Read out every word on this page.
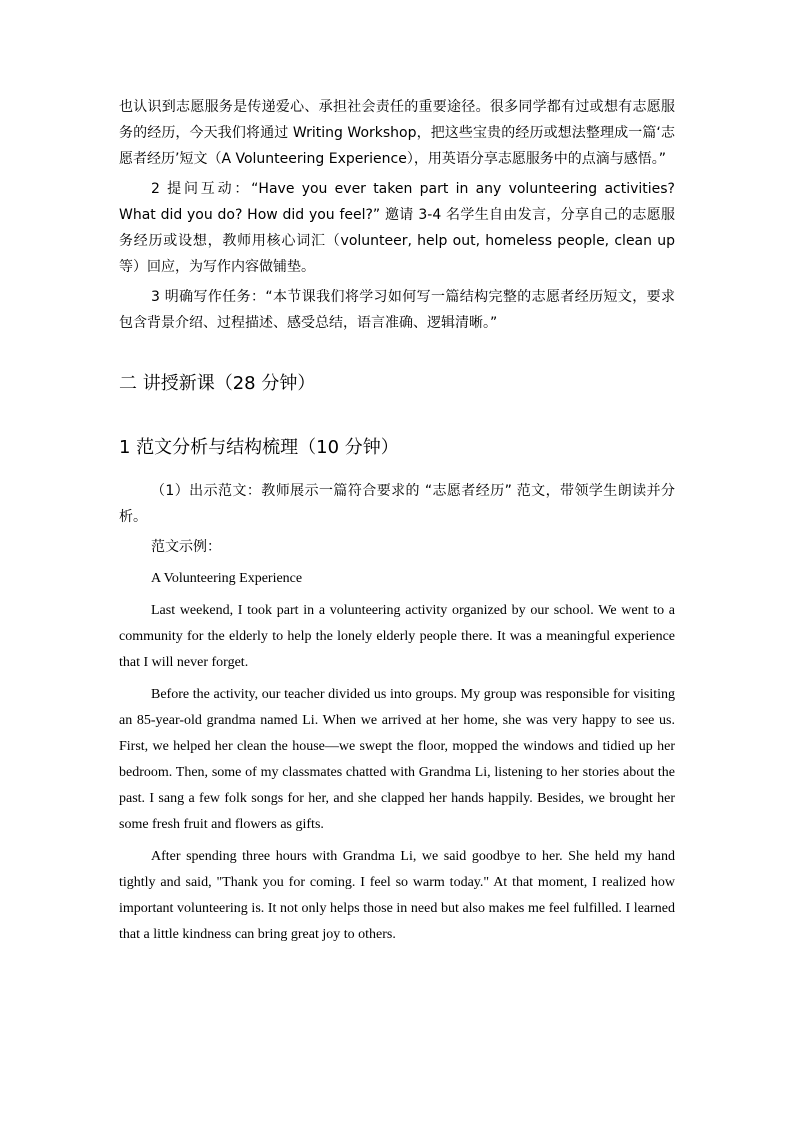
也认识到志愿服务是传递爱心、承担社会责任的重要途径。很多同学都有过或想有志愿服务的经历，今天我们将通过 Writing Workshop，把这些宝贵的经历或想法整理成一篇‘志愿者经历’短文（A Volunteering Experience），用英语分享志愿服务中的点滴与感悟。”

2 提问互动：“Have you ever taken part in any volunteering activities? What did you do? How did you feel?” 邀请 3-4 名学生自由发言，分享自己的志愿服务经历或设想，教师用核心词汇（volunteer, help out, homeless people, clean up 等）回应，为写作内容做铺垫。

3 明确写作任务：“本节课我们将学习如何写一篇结构完整的志愿者经历短文，要求包含背景介绍、过程描述、感受总结，语言准确、逻辑清晰。”

二 讲授新课（28 分钟）
1 范文分析与结构梳理（10 分钟）

（1）出示范文：教师展示一篇符合要求的 “志愿者经历” 范文，带领学生朗读并分析。

范文示例：

A Volunteering Experience

Last weekend, I took part in a volunteering activity organized by our school. We went to a community for the elderly to help the lonely elderly people there. It was a meaningful experience that I will never forget.

Before the activity, our teacher divided us into groups. My group was responsible for visiting an 85-year-old grandma named Li. When we arrived at her home, she was very happy to see us. First, we helped her clean the house—we swept the floor, mopped the windows and tidied up her bedroom. Then, some of my classmates chatted with Grandma Li, listening to her stories about the past. I sang a few folk songs for her, and she clapped her hands happily. Besides, we brought her some fresh fruit and flowers as gifts.

After spending three hours with Grandma Li, we said goodbye to her. She held my hand tightly and said, "Thank you for coming. I feel so warm today." At that moment, I realized how important volunteering is. It not only helps those in need but also makes me feel fulfilled. I learned that a little kindness can bring great joy to others.
